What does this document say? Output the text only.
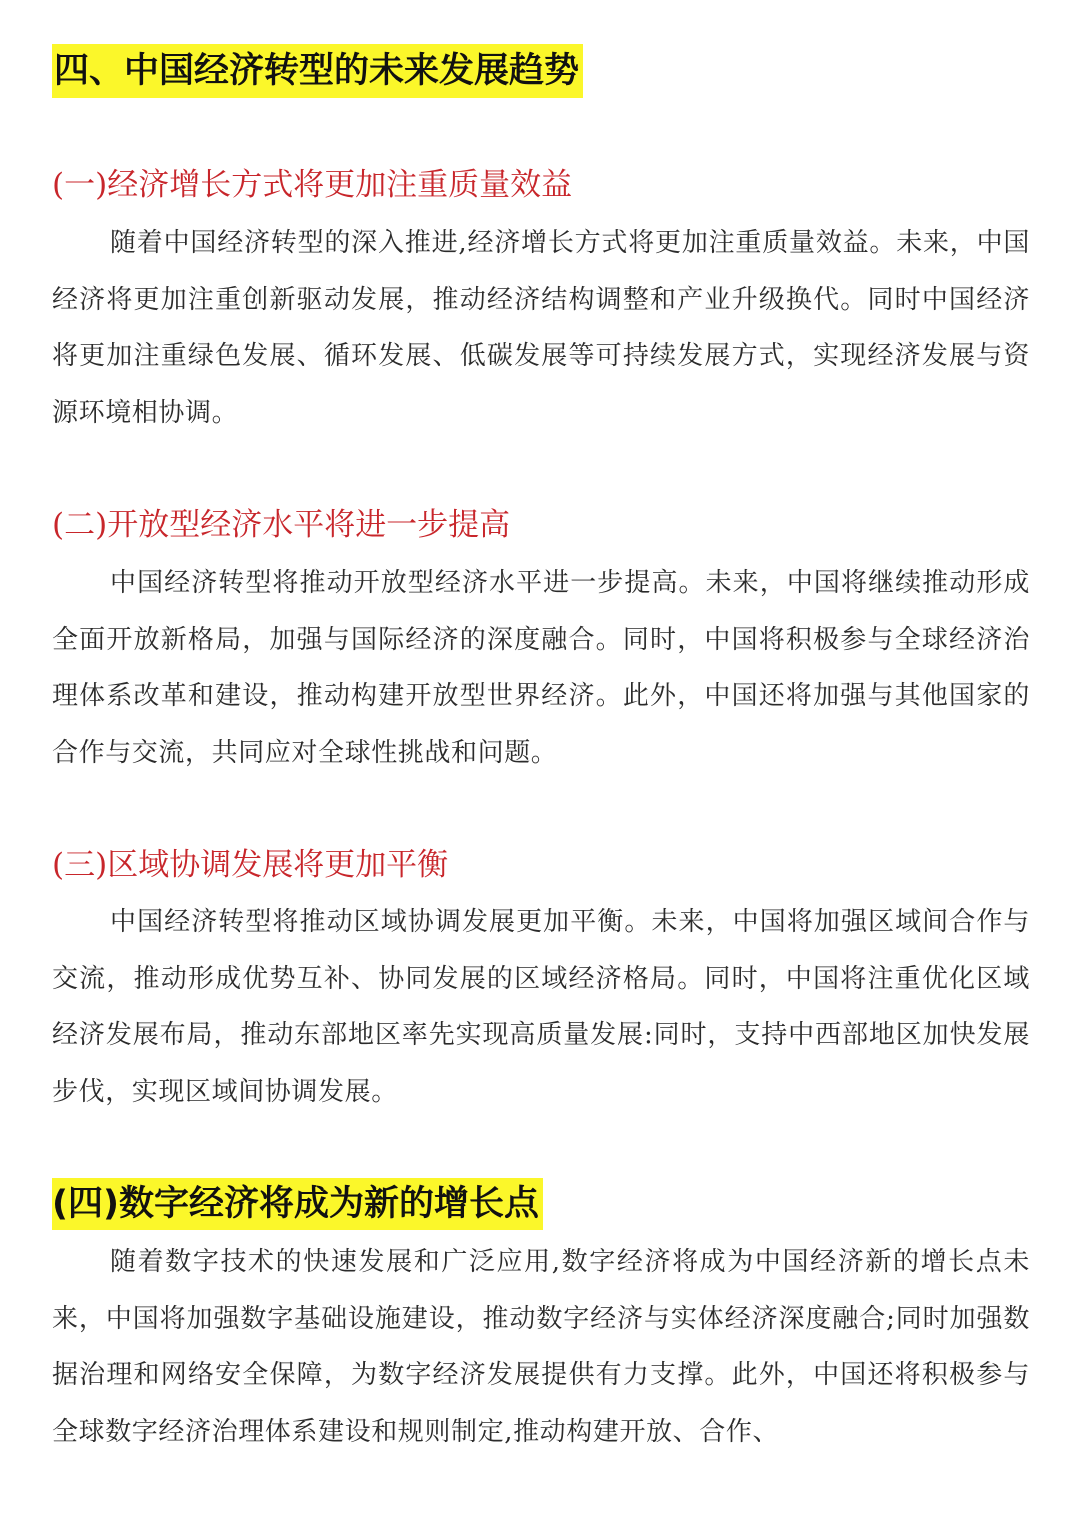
四、中国经济转型的未来发展趋势
(一)经济增长方式将更加注重质量效益

随着中国经济转型的深入推进,经济增长方式将更加注重质量效益。未来，中国经济将更加注重创新驱动发展，推动经济结构调整和产业升级换代。同时中国经济将更加注重绿色发展、循环发展、低碳发展等可持续发展方式，实现经济发展与资源环境相协调。

(二)开放型经济水平将进一步提高

中国经济转型将推动开放型经济水平进一步提高。未来，中国将继续推动形成全面开放新格局，加强与国际经济的深度融合。同时，中国将积极参与全球经济治理体系改革和建设，推动构建开放型世界经济。此外，中国还将加强与其他国家的合作与交流，共同应对全球性挑战和问题。

(三)区域协调发展将更加平衡

中国经济转型将推动区域协调发展更加平衡。未来，中国将加强区域间合作与交流，推动形成优势互补、协同发展的区域经济格局。同时，中国将注重优化区域经济发展布局，推动东部地区率先实现高质量发展:同时，支持中西部地区加快发展步伐，实现区域间协调发展。

(四)数字经济将成为新的增长点

随着数字技术的快速发展和广泛应用,数字经济将成为中国经济新的增长点未来，中国将加强数字基础设施建设，推动数字经济与实体经济深度融合;同时加强数据治理和网络安全保障，为数字经济发展提供有力支撑。此外，中国还将积极参与全球数字经济治理体系建设和规则制定,推动构建开放、合作、
